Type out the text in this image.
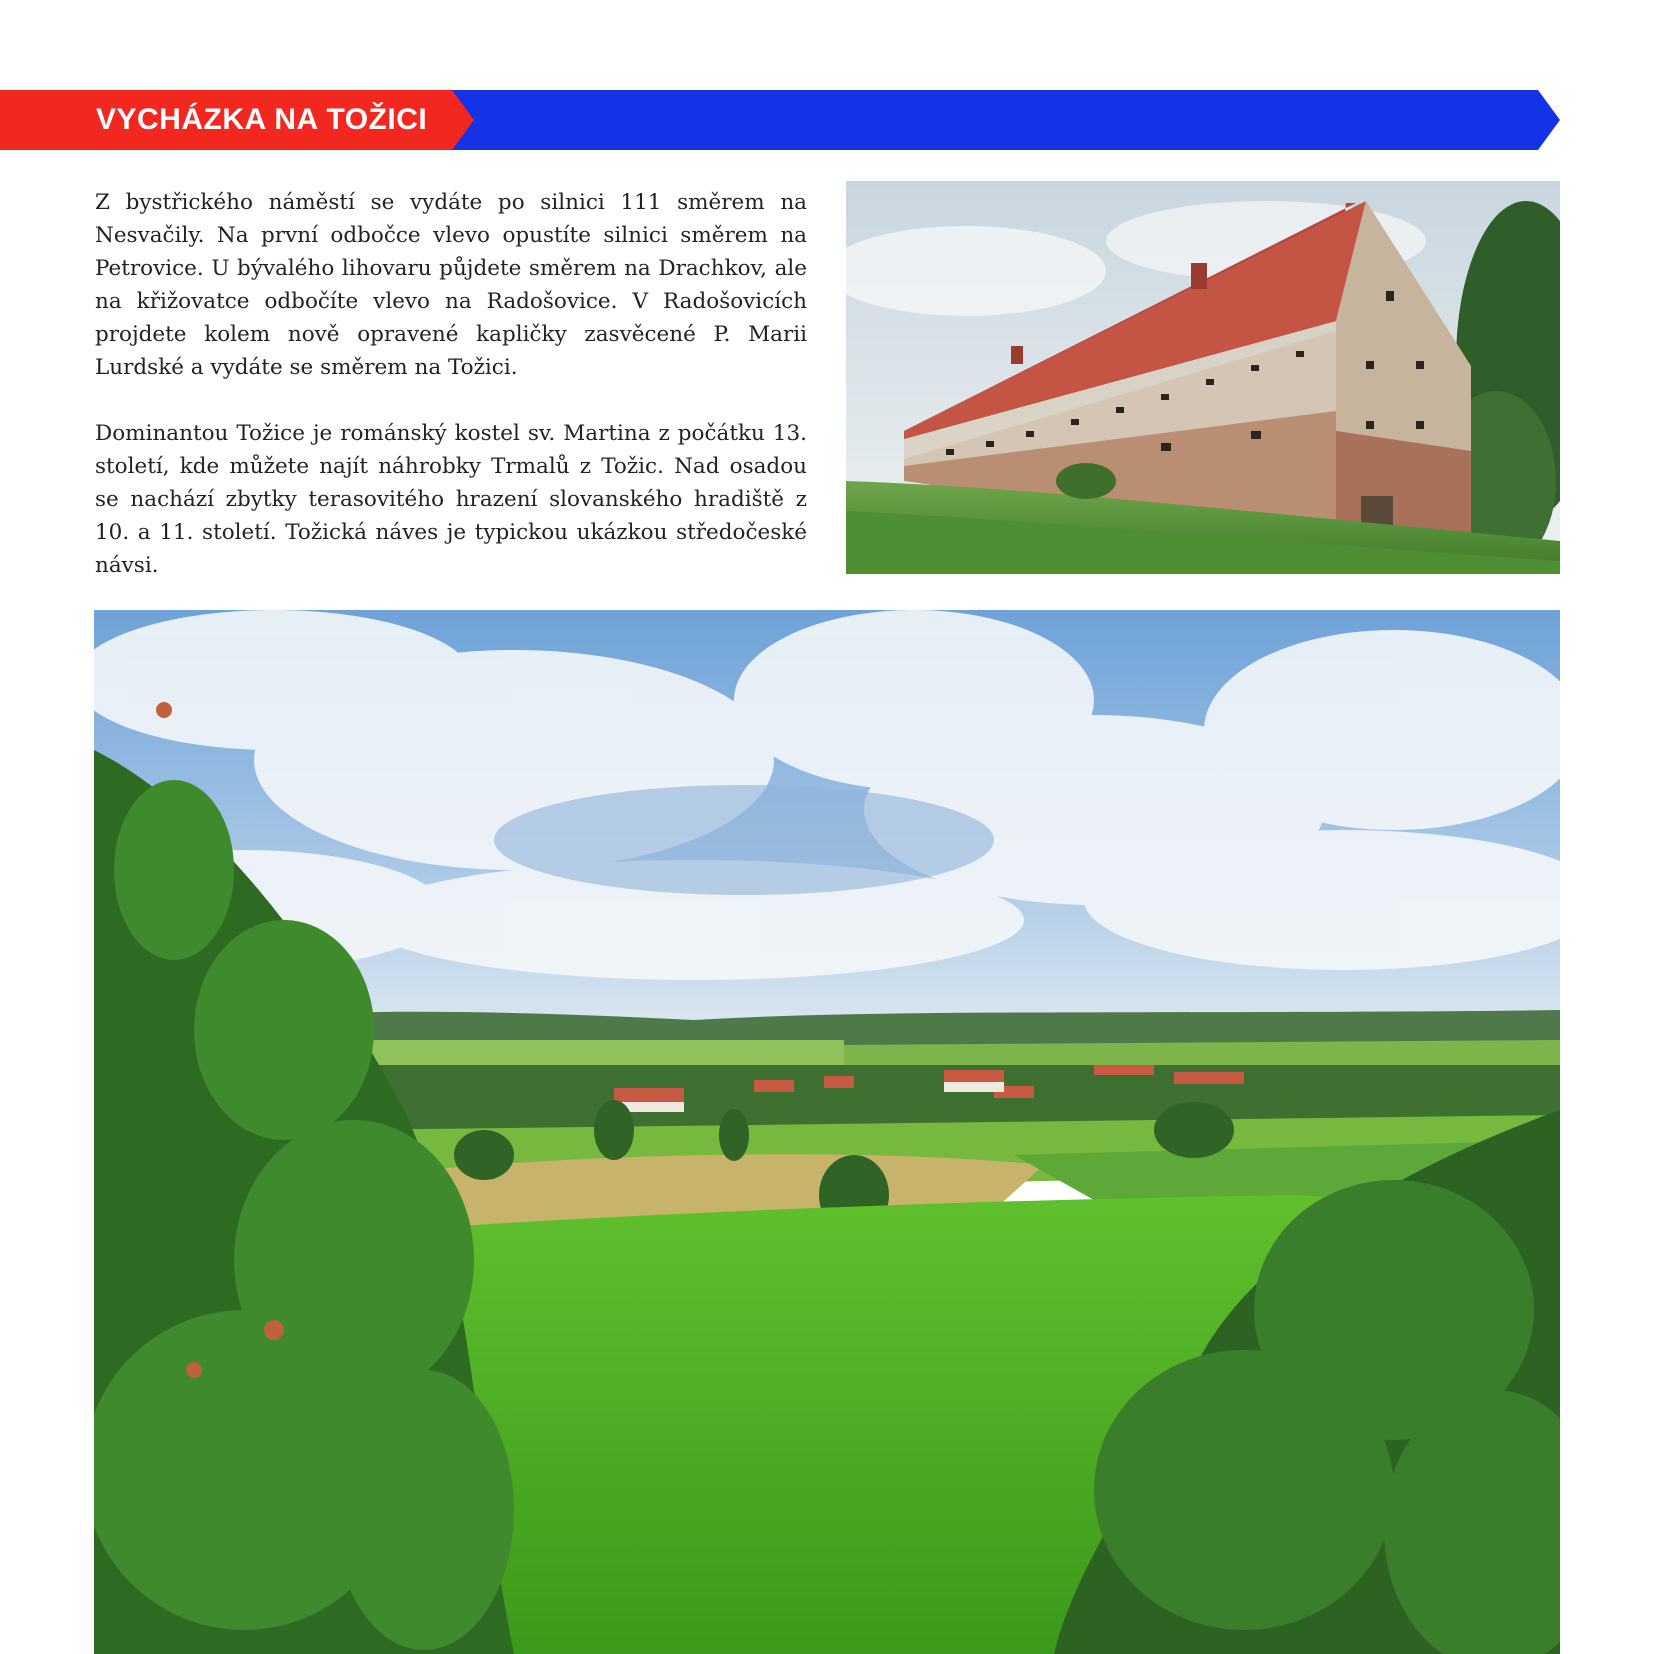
VYCHÁZKA NA TOŽICI

Z bystřického náměstí se vydáte po silnici 111 směrem na Nesvačily. Na první odbočce vlevo opustíte silnici směrem na Petrovice. U bývalého lihovaru půjdete směrem na Drachkov, ale na křižovatce odbočíte vlevo na Radošovice. V Radošovicích projdete kolem nově opravené kapličky zasvěcené P. Marii Lurdské a vydáte se směrem na Tožici.

Dominantou Tožice je románský kostel sv. Martina z počátku 13. století, kde můžete najít náhrobky Trmalů z Tožic. Nad osadou se nachází zbytky terasovitého hrazení slovanského hradiště z 10. a 11. století. Tožická náves je typickou ukázkou středočeské návsi.
